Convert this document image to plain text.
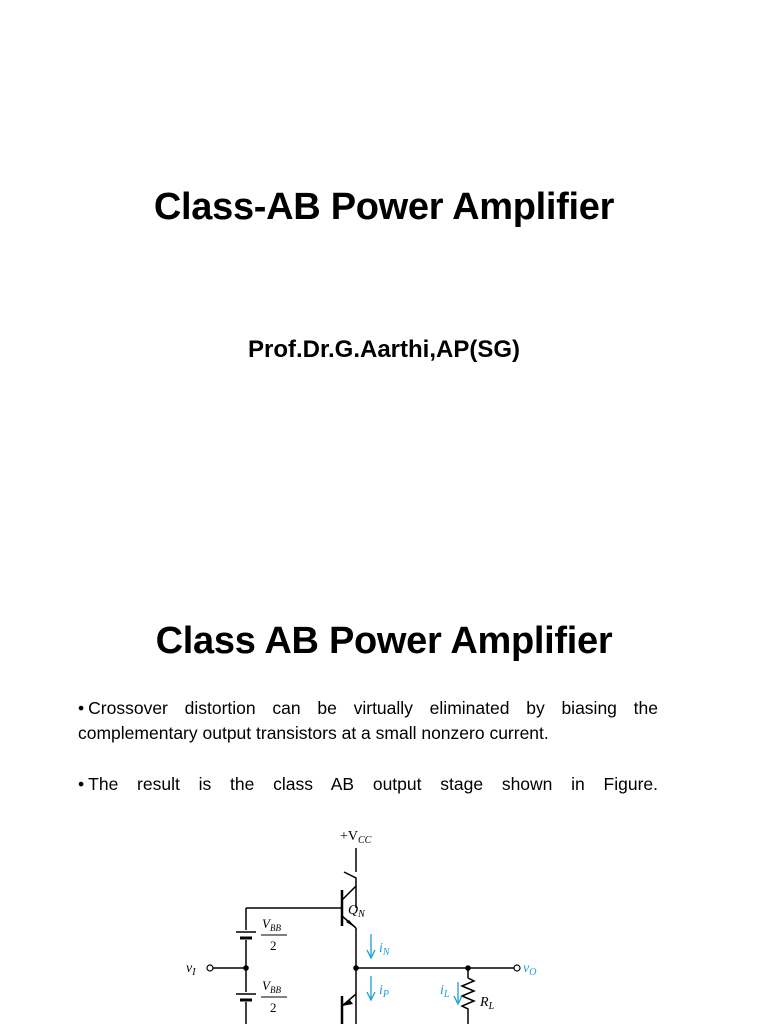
Class-AB Power Amplifier
Prof.Dr.G.Aarthi,AP(SG)
Class AB Power Amplifier
• Crossover distortion can be virtually eliminated by biasing the complementary output transistors at a small nonzero current.
• The result is the class AB output stage shown in Figure.
$+V_{CC}$
$Q_N$
$V_{BB}$
2
$V_{BB}$
2
$v_I$	$v_O$
$i_N$
$i_P$	$i_L$
$R_L$
